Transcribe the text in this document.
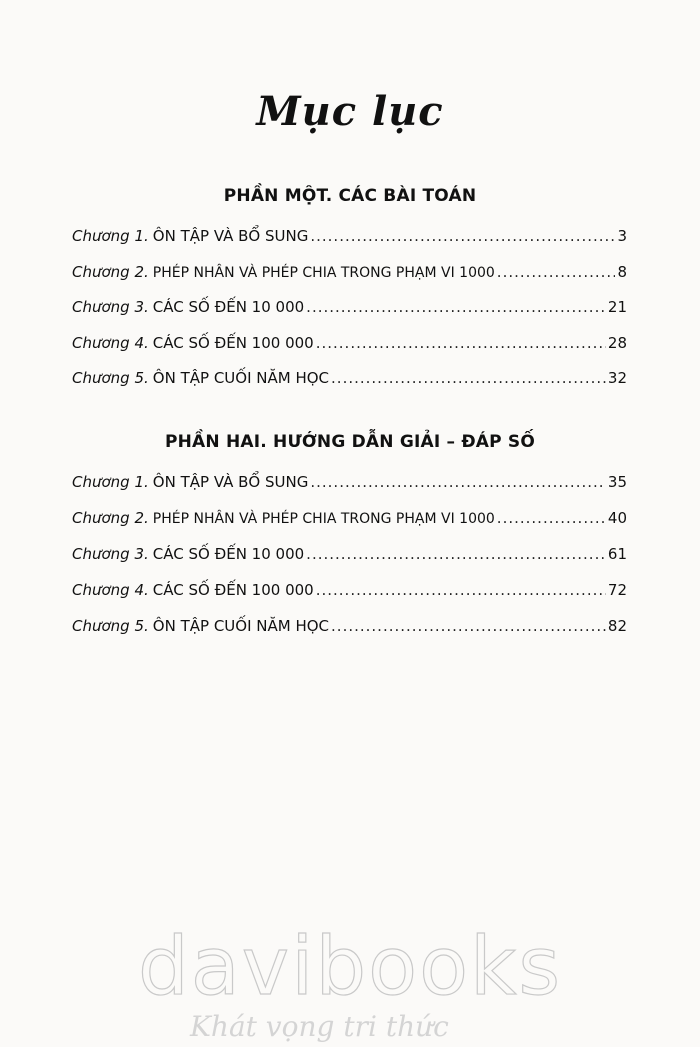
Mục lục
PHẦN MỘT. CÁC BÀI TOÁN
Chương 1. ÔN TẬP VÀ BỔ SUNG .....	3
Chương 2. PHÉP NHÂN VÀ PHÉP CHIA TRONG PHẠM VI 1000 .....	8
Chương 3. CÁC SỐ ĐẾN 10 000 .....	21
Chương 4. CÁC SỐ ĐẾN 100 000 .....	28
Chương 5. ÔN TẬP CUỐI NĂM HỌC .....	32
PHẦN HAI. HƯỚNG DẪN GIẢI – ĐÁP SỐ
Chương 1. ÔN TẬP VÀ BỔ SUNG .....	35
Chương 2. PHÉP NHÂN VÀ PHÉP CHIA TRONG PHẠM VI 1000 .....	40
Chương 3. CÁC SỐ ĐẾN 10 000 .....	61
Chương 4. CÁC SỐ ĐẾN 100 000 .....	72
Chương 5. ÔN TẬP CUỐI NĂM HỌC .....	82
davibooks
Khát vọng tri thức
